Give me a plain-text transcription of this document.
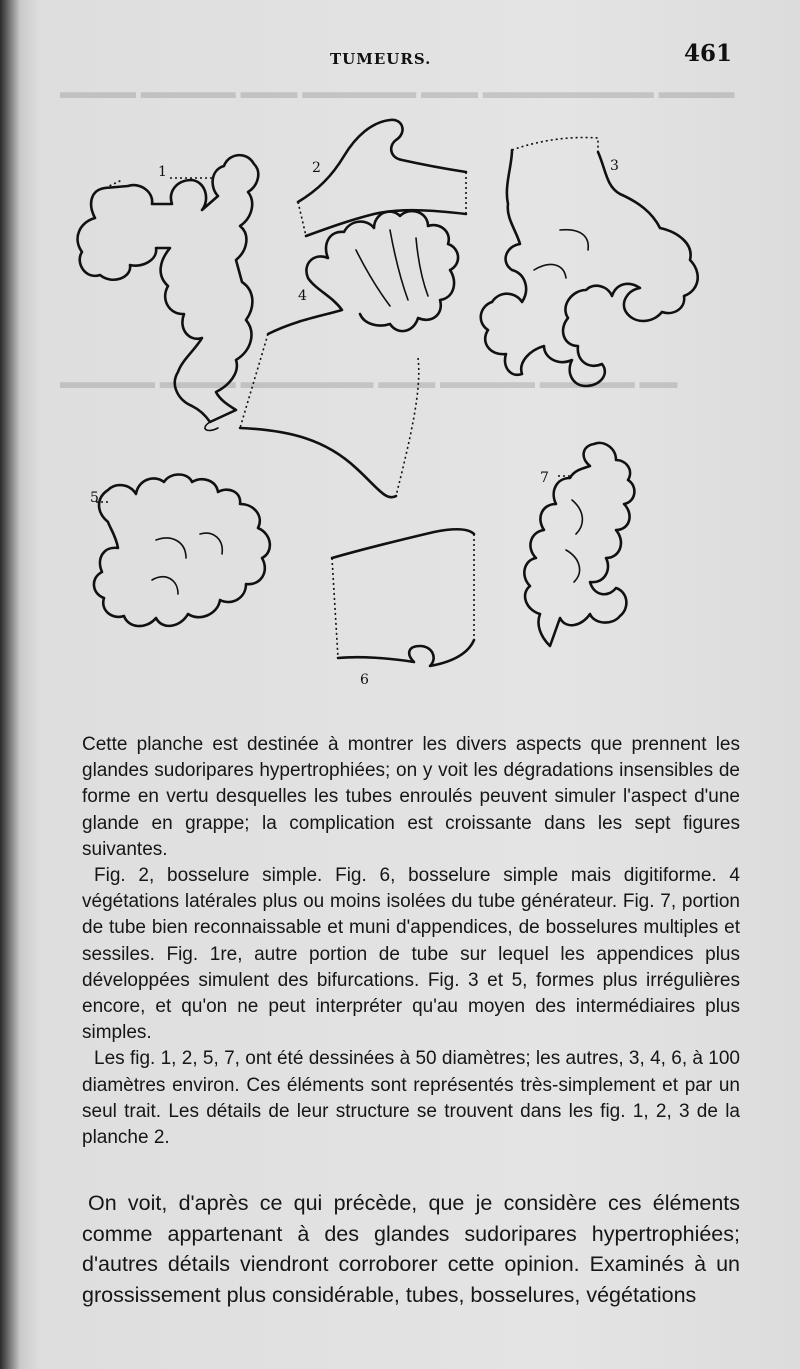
▬▬▬▬ ▬▬▬▬▬ ▬▬▬ ▬▬▬▬▬▬ ▬▬▬ ▬▬▬▬▬▬▬▬▬ ▬▬▬▬
▬▬▬▬▬ ▬▬▬▬ ▬▬▬▬▬▬▬ ▬▬▬ ▬▬▬▬▬ ▬▬▬▬▬ ▬▬
TUMEURS.	461
1	2	3
4
5
6
7

Cette planche est destinée à montrer les divers aspects que prennent les glandes sudoripares hypertrophiées; on y voit les dégradations insensibles de forme en vertu desquelles les tubes enroulés peuvent simuler l'aspect d'une glande en grappe; la complication est croissante dans les sept figures suivantes.

Fig. 2, bosselure simple. Fig. 6, bosselure simple mais digitiforme. 4 végétations latérales plus ou moins isolées du tube générateur. Fig. 7, portion de tube bien reconnaissable et muni d'appendices, de bosselures multiples et sessiles. Fig. 1re, autre portion de tube sur lequel les appendices plus développées simulent des bifurcations. Fig. 3 et 5, formes plus irrégulières encore, et qu'on ne peut interpréter qu'au moyen des intermédiaires plus simples.

Les fig. 1, 2, 5, 7, ont été dessinées à 50 diamètres; les autres, 3, 4, 6, à 100 diamètres environ. Ces éléments sont représentés très-simplement et par un seul trait. Les détails de leur structure se trouvent dans les fig. 1, 2, 3 de la planche 2.

On voit, d'après ce qui précède, que je considère ces éléments comme appartenant à des glandes sudoripares hypertrophiées; d'autres détails viendront corroborer cette opinion. Examinés à un grossissement plus considérable, tubes, bosselures, végétations
